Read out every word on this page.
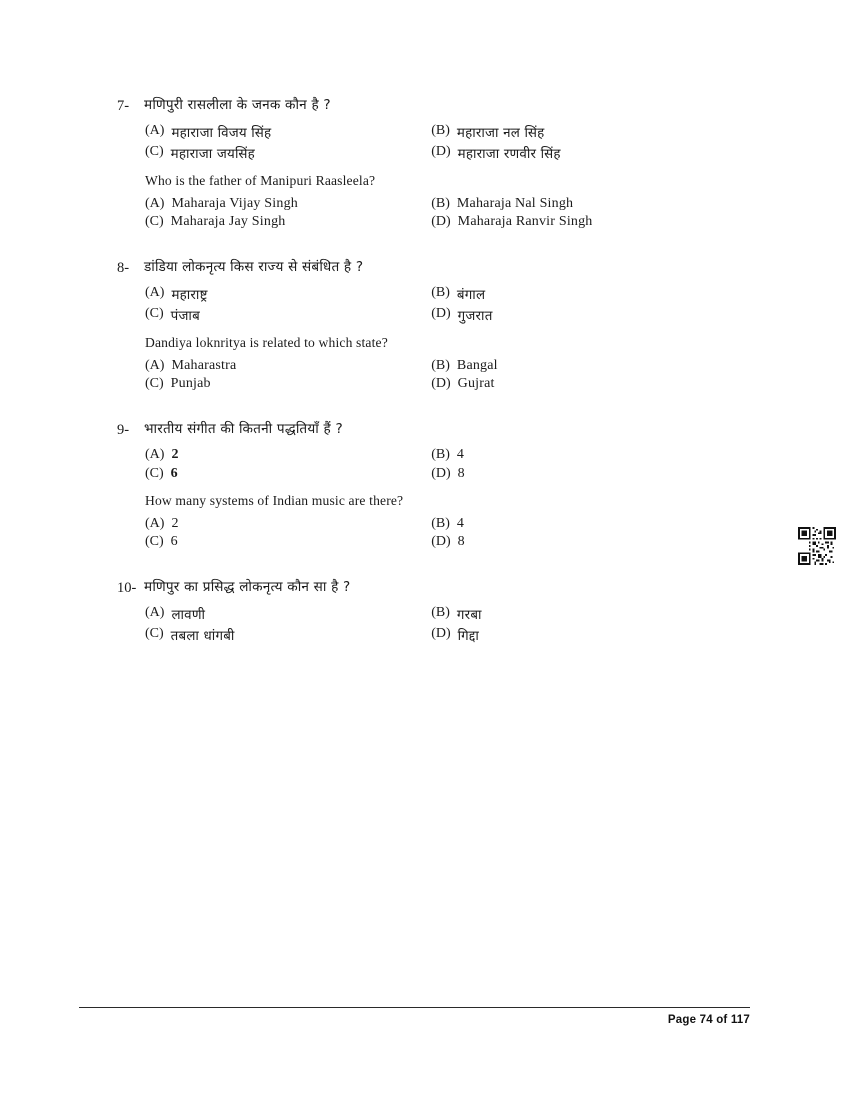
7-	मणिपुरी रासलीला के जनक कौन है ?
(A) महाराजा विजय सिंह	(B) महाराजा नल सिंह
(C) महाराजा जयसिंह	(D) महाराजा रणवीर सिंह
Who is the father of Manipuri Raasleela?
(A) Maharaja Vijay Singh	(B) Maharaja Nal Singh
(C) Maharaja Jay Singh	(D) Maharaja Ranvir Singh
8-	डांडिया लोकनृत्य किस राज्य से संबंधित है ?
(A) महाराष्ट्र	(B) बंगाल
(C) पंजाब	(D) गुजरात
Dandiya loknritya is related to which state?
(A) Maharastra	(B) Bangal
(C) Punjab	(D) Gujrat
9-	भारतीय संगीत की कितनी पद्धतियाँ हैं ?
(A) 2	(B) 4
(C) 6	(D) 8
How many systems of Indian music are there?
(A) 2	(B) 4
(C) 6	(D) 8
10- मणिपुर का प्रसिद्ध लोकनृत्य कौन सा है ?
(A) लावणी	(B) गरबा
(C) तबला धांगबी	(D) गिद्दा
Page 74 of 117
